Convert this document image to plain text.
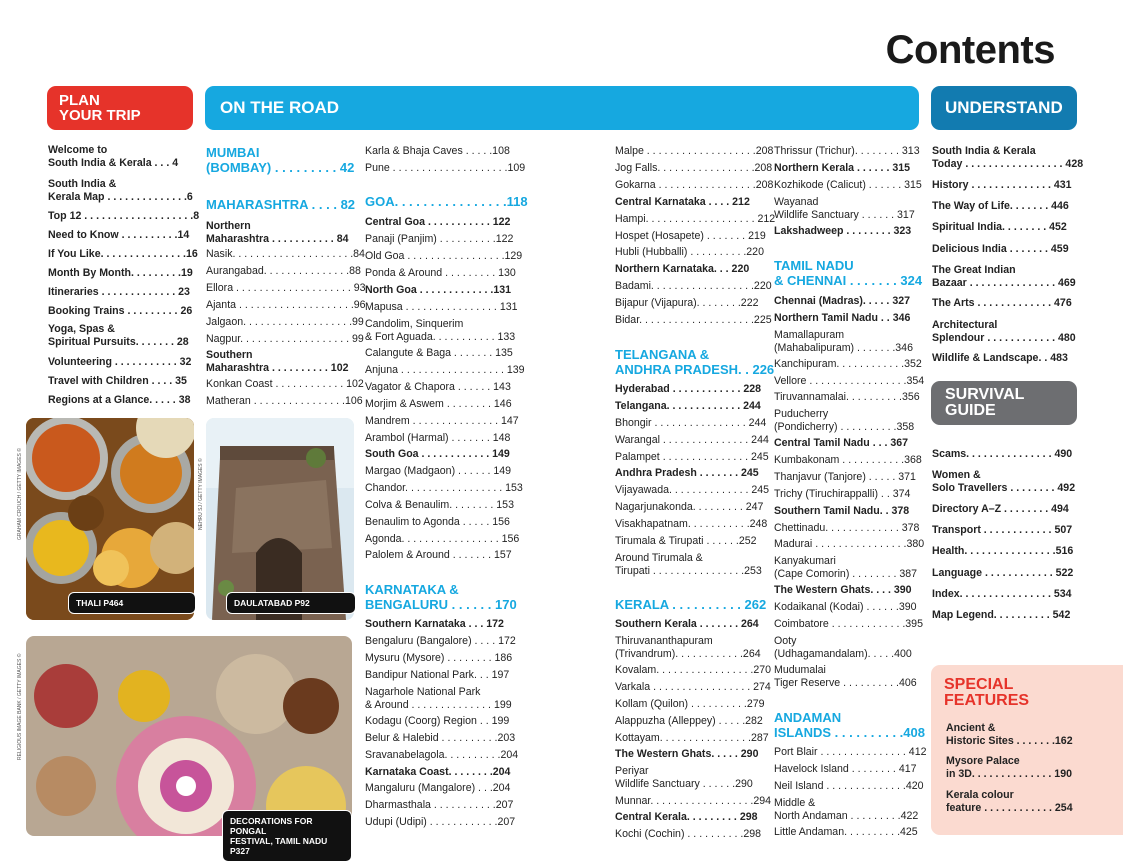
Contents
PLAN
YOUR TRIP	ON THE ROAD	UNDERSTAND
SURVIVAL
GUIDE
SPECIAL
FEATURES
THALI P464
GRAHAM CROUCH / GETTY IMAGES ©
DAULATABAD P92
NEHRU SJ / GETTY IMAGES ©
DECORATIONS FOR PONGAL
FESTIVAL, TAMIL NADU P327
RELIGIOUS IMAGE BANK / GETTY IMAGES ©
Welcome to
South India & Kerala . . . 4
South India &
Kerala Map . . . . . . . . . . . . . .6
Top 12 . . . . . . . . . . . . . . . . . . .8
Need to Know . . . . . . . . . .14
If You Like. . . . . . . . . . . . . . .16
Month By Month. . . . . . . . .19
Itineraries . . . . . . . . . . . . . 23
Booking Trains . . . . . . . . . 26
Yoga, Spas &
Spiritual Pursuits. . . . . . . 28
Volunteering . . . . . . . . . . . 32
Travel with Children . . . . 35
Regions at a Glance. . . . . 38
MUMBAI
(BOMBAY) . . . . . . . . . 42
MAHARASHTRA . . . . 82
Northern
Maharashtra . . . . . . . . . . . 84
Nasik. . . . . . . . . . . . . . . . . . . . .84
Aurangabad. . . . . . . . . . . . . . .88
Ellora . . . . . . . . . . . . . . . . . . . . 93
Ajanta . . . . . . . . . . . . . . . . . . . .96
Jalgaon. . . . . . . . . . . . . . . . . . .99
Nagpur. . . . . . . . . . . . . . . . . . . 99
Southern
Maharashtra . . . . . . . . . . 102
Konkan Coast . . . . . . . . . . . . 102
Matheran . . . . . . . . . . . . . . . .106
Karla & Bhaja Caves . . . . .108
Pune . . . . . . . . . . . . . . . . . . . .109
GOA. . . . . . . . . . . . . . . .118
Central Goa . . . . . . . . . . . 122
Panaji (Panjim) . . . . . . . . . .122
Old Goa . . . . . . . . . . . . . . . . .129
Ponda & Around . . . . . . . . . 130
North Goa . . . . . . . . . . . . .131
Mapusa . . . . . . . . . . . . . . . . 131
Candolim, Sinquerim
& Fort Aguada. . . . . . . . . . . 133
Calangute & Baga . . . . . . . 135
Anjuna . . . . . . . . . . . . . . . . . . 139
Vagator & Chapora . . . . . . 143
Morjim & Aswem . . . . . . . . 146
Mandrem . . . . . . . . . . . . . . . 147
Arambol (Harmal) . . . . . . . 148
South Goa . . . . . . . . . . . . 149
Margao (Madgaon) . . . . . . 149
Chandor. . . . . . . . . . . . . . . . . 153
Colva & Benaulim. . . . . . . . 153
Benaulim to Agonda . . . . . 156
Agonda. . . . . . . . . . . . . . . . . 156
Palolem & Around . . . . . . . 157
KARNATAKA &
BENGALURU . . . . . . 170
Southern Karnataka . . . 172
Bengaluru (Bangalore) . . . . 172
Mysuru (Mysore) . . . . . . . . 186
Bandipur National Park. . . 197
Nagarhole National Park
& Around . . . . . . . . . . . . . . 199
Kodagu (Coorg) Region . . 199
Belur & Halebid . . . . . . . . . .203
Sravanabelagola. . . . . . . . . .204
Karnataka Coast. . . . . . . .204
Mangaluru (Mangalore) . . .204
Dharmasthala . . . . . . . . . . .207
Udupi (Udipi) . . . . . . . . . . . .207
Malpe . . . . . . . . . . . . . . . . . . .208
Jog Falls. . . . . . . . . . . . . . . . .208
Gokarna . . . . . . . . . . . . . . . . .208
Central Karnataka . . . . 212
Hampi. . . . . . . . . . . . . . . . . . . 212
Hospet (Hosapete) . . . . . . . 219
Hubli (Hubballi) . . . . . . . . . .220
Northern Karnataka. . . 220
Badami. . . . . . . . . . . . . . . . . .220
Bijapur (Vijapura). . . . . . . .222
Bidar. . . . . . . . . . . . . . . . . . . .225
TELANGANA &
ANDHRA PRADESH. . 226
Hyderabad . . . . . . . . . . . . 228
Telangana. . . . . . . . . . . . . 244
Bhongir . . . . . . . . . . . . . . . . 244
Warangal . . . . . . . . . . . . . . . 244
Palampet . . . . . . . . . . . . . . . 245
Andhra Pradesh . . . . . . . 245
Vijayawada. . . . . . . . . . . . . . 245
Nagarjunakonda. . . . . . . . . 247
Visakhapatnam. . . . . . . . . . .248
Tirumala & Tirupati . . . . . .252
Around Tirumala &
Tirupati . . . . . . . . . . . . . . . .253
KERALA . . . . . . . . . . 262
Southern Kerala . . . . . . . 264
Thiruvananthapuram
(Trivandrum). . . . . . . . . . . .264
Kovalam. . . . . . . . . . . . . . . . .270
Varkala . . . . . . . . . . . . . . . . . 274
Kollam (Quilon) . . . . . . . . . .279
Alappuzha (Alleppey) . . . . .282
Kottayam. . . . . . . . . . . . . . . .287
The Western Ghats. . . . . 290
Periyar
Wildlife Sanctuary . . . . . .290
Munnar. . . . . . . . . . . . . . . . . .294
Central Kerala. . . . . . . . . 298
Kochi (Cochin) . . . . . . . . . .298
Thrissur (Trichur). . . . . . . . 313
Northern Kerala . . . . . . 315
Kozhikode (Calicut) . . . . . . 315
Wayanad
Wildlife Sanctuary . . . . . . 317
Lakshadweep . . . . . . . . 323
TAMIL NADU
& CHENNAI . . . . . . . 324
Chennai (Madras). . . . . 327
Northern Tamil Nadu . . 346
Mamallapuram
(Mahabalipuram) . . . . . . .346
Kanchipuram. . . . . . . . . . . .352
Vellore . . . . . . . . . . . . . . . . .354
Tiruvannamalai. . . . . . . . . .356
Puducherry
(Pondicherry) . . . . . . . . . .358
Central Tamil Nadu . . . 367
Kumbakonam . . . . . . . . . . .368
Thanjavur (Tanjore) . . . . . 371
Trichy (Tiruchirappalli) . . 374
Southern Tamil Nadu. . 378
Chettinadu. . . . . . . . . . . . . 378
Madurai . . . . . . . . . . . . . . . .380
Kanyakumari
(Cape Comorin) . . . . . . . . 387
The Western Ghats. . . . 390
Kodaikanal (Kodai) . . . . . .390
Coimbatore . . . . . . . . . . . . .395
Ooty
(Udhagamandalam). . . . .400
Mudumalai
Tiger Reserve . . . . . . . . . .406
ANDAMAN
ISLANDS . . . . . . . . . .408
Port Blair . . . . . . . . . . . . . . . 412
Havelock Island . . . . . . . . 417
Neil Island . . . . . . . . . . . . . .420
Middle &
North Andaman . . . . . . . . .422
Little Andaman. . . . . . . . . .425
South India & Kerala
Today . . . . . . . . . . . . . . . . . 428
History . . . . . . . . . . . . . . 431
The Way of Life. . . . . . . 446
Spiritual India. . . . . . . . 452
Delicious India . . . . . . . 459
The Great Indian
Bazaar . . . . . . . . . . . . . . . 469
The Arts . . . . . . . . . . . . . 476
Architectural
Splendour . . . . . . . . . . . . 480
Wildlife & Landscape. . 483
Scams. . . . . . . . . . . . . . . 490
Women &
Solo Travellers . . . . . . . . 492
Directory A–Z . . . . . . . . 494
Transport . . . . . . . . . . . . 507
Health. . . . . . . . . . . . . . . .516
Language . . . . . . . . . . . . 522
Index. . . . . . . . . . . . . . . . 534
Map Legend. . . . . . . . . . 542
Ancient &
Historic Sites . . . . . . .162
Mysore Palace
in 3D. . . . . . . . . . . . . . 190
Kerala colour
feature . . . . . . . . . . . . 254
